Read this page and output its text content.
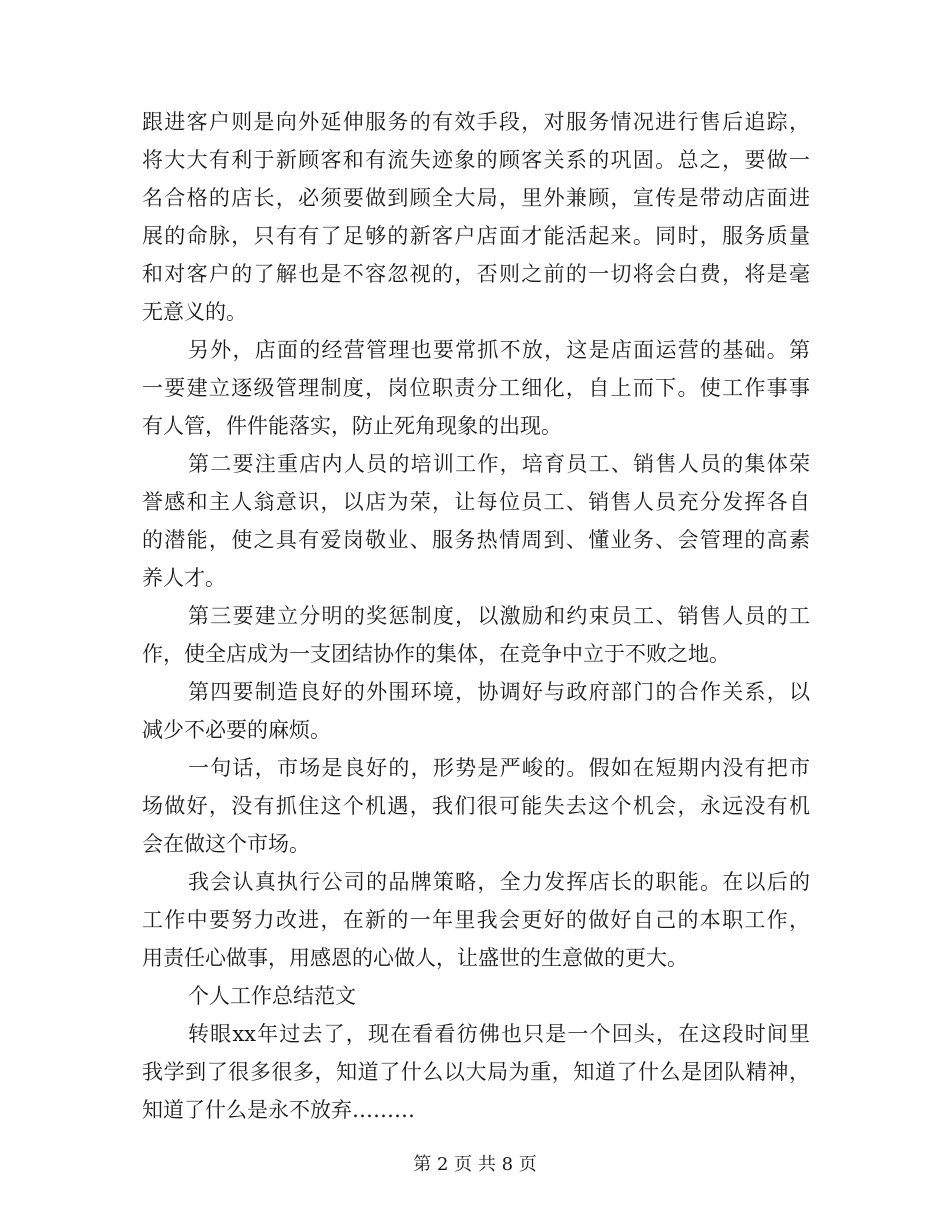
跟进客户则是向外延伸服务的有效手段，对服务情况进行售后追踪，
将大大有利于新顾客和有流失迹象的顾客关系的巩固。总之，要做一
名合格的店长，必须要做到顾全大局，里外兼顾，宣传是带动店面进
展的命脉，只有有了足够的新客户店面才能活起来。同时，服务质量
和对客户的了解也是不容忽视的，否则之前的一切将会白费，将是毫
无意义的。
另外，店面的经营管理也要常抓不放，这是店面运营的基础。第
一要建立逐级管理制度，岗位职责分工细化，自上而下。使工作事事
有人管，件件能落实，防止死角现象的出现。
第二要注重店内人员的培训工作，培育员工、销售人员的集体荣
誉感和主人翁意识，以店为荣，让每位员工、销售人员充分发挥各自
的潜能，使之具有爱岗敬业、服务热情周到、懂业务、会管理的高素
养人才。
第三要建立分明的奖惩制度，以激励和约束员工、销售人员的工
作，使全店成为一支团结协作的集体，在竞争中立于不败之地。
第四要制造良好的外围环境，协调好与政府部门的合作关系，以
减少不必要的麻烦。
一句话，市场是良好的，形势是严峻的。假如在短期内没有把市
场做好，没有抓住这个机遇，我们很可能失去这个机会，永远没有机
会在做这个市场。
我会认真执行公司的品牌策略，全力发挥店长的职能。在以后的
工作中要努力改进，在新的一年里我会更好的做好自己的本职工作，
用责任心做事，用感恩的心做人，让盛世的生意做的更大。
个人工作总结范文
转眼xx年过去了，现在看看彷佛也只是一个回头，在这段时间里
我学到了很多很多，知道了什么以大局为重，知道了什么是团队精神，
知道了什么是永不放弃………
第 2 页 共 8 页
